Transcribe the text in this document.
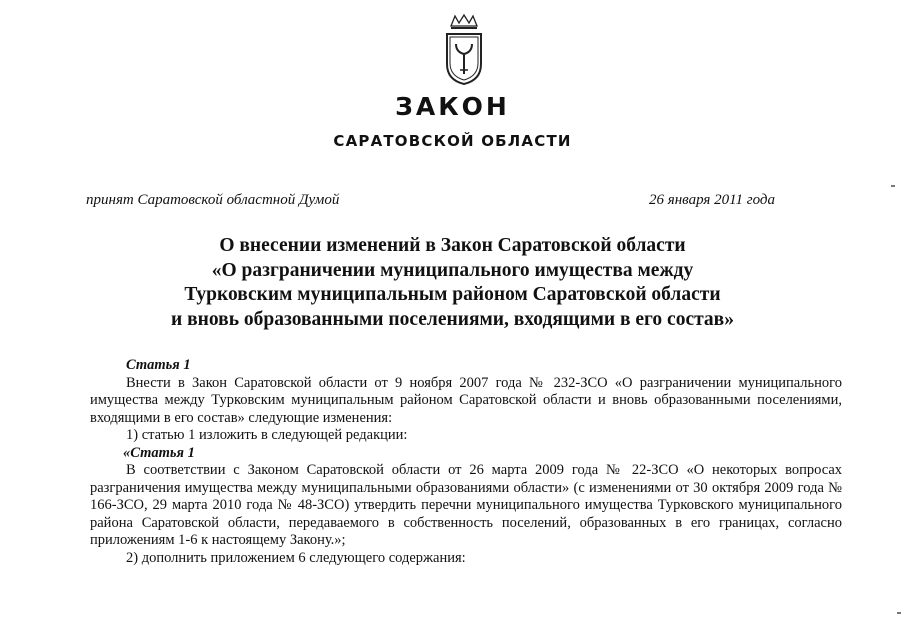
ЗАКОН
САРАТОВСКОЙ ОБЛАСТИ
принят Саратовской областной Думой	26 января 2011 года
О внесении изменений в Закон Саратовской области
«О разграничении муниципального имущества между
Турковским муниципальным районом Саратовской области
и вновь образованными поселениями, входящими в его состав»

Статья 1

Внести в Закон Саратовской области от 9 ноября 2007 года № 232-ЗСО «О разграничении муниципального имущества между Турковским муниципальным районом Саратовской области и вновь образованными поселениями, входящими в его состав» следующие изменения:

1) статью 1 изложить в следующей редакции:

«Статья 1

В соответствии с Законом Саратовской области от 26 марта 2009 года № 22-ЗСО «О некоторых вопросах разграничения имущества между муниципальными образованиями области» (с изменениями от 30 октября 2009 года № 166-ЗСО, 29 марта 2010 года № 48-ЗСО) утвердить перечни муниципального имущества Турковского муниципального района Саратовской области, передаваемого в собственность поселений, образованных в его границах, согласно приложениям 1-6 к настоящему Закону.»;

2) дополнить приложением 6 следующего содержания:
